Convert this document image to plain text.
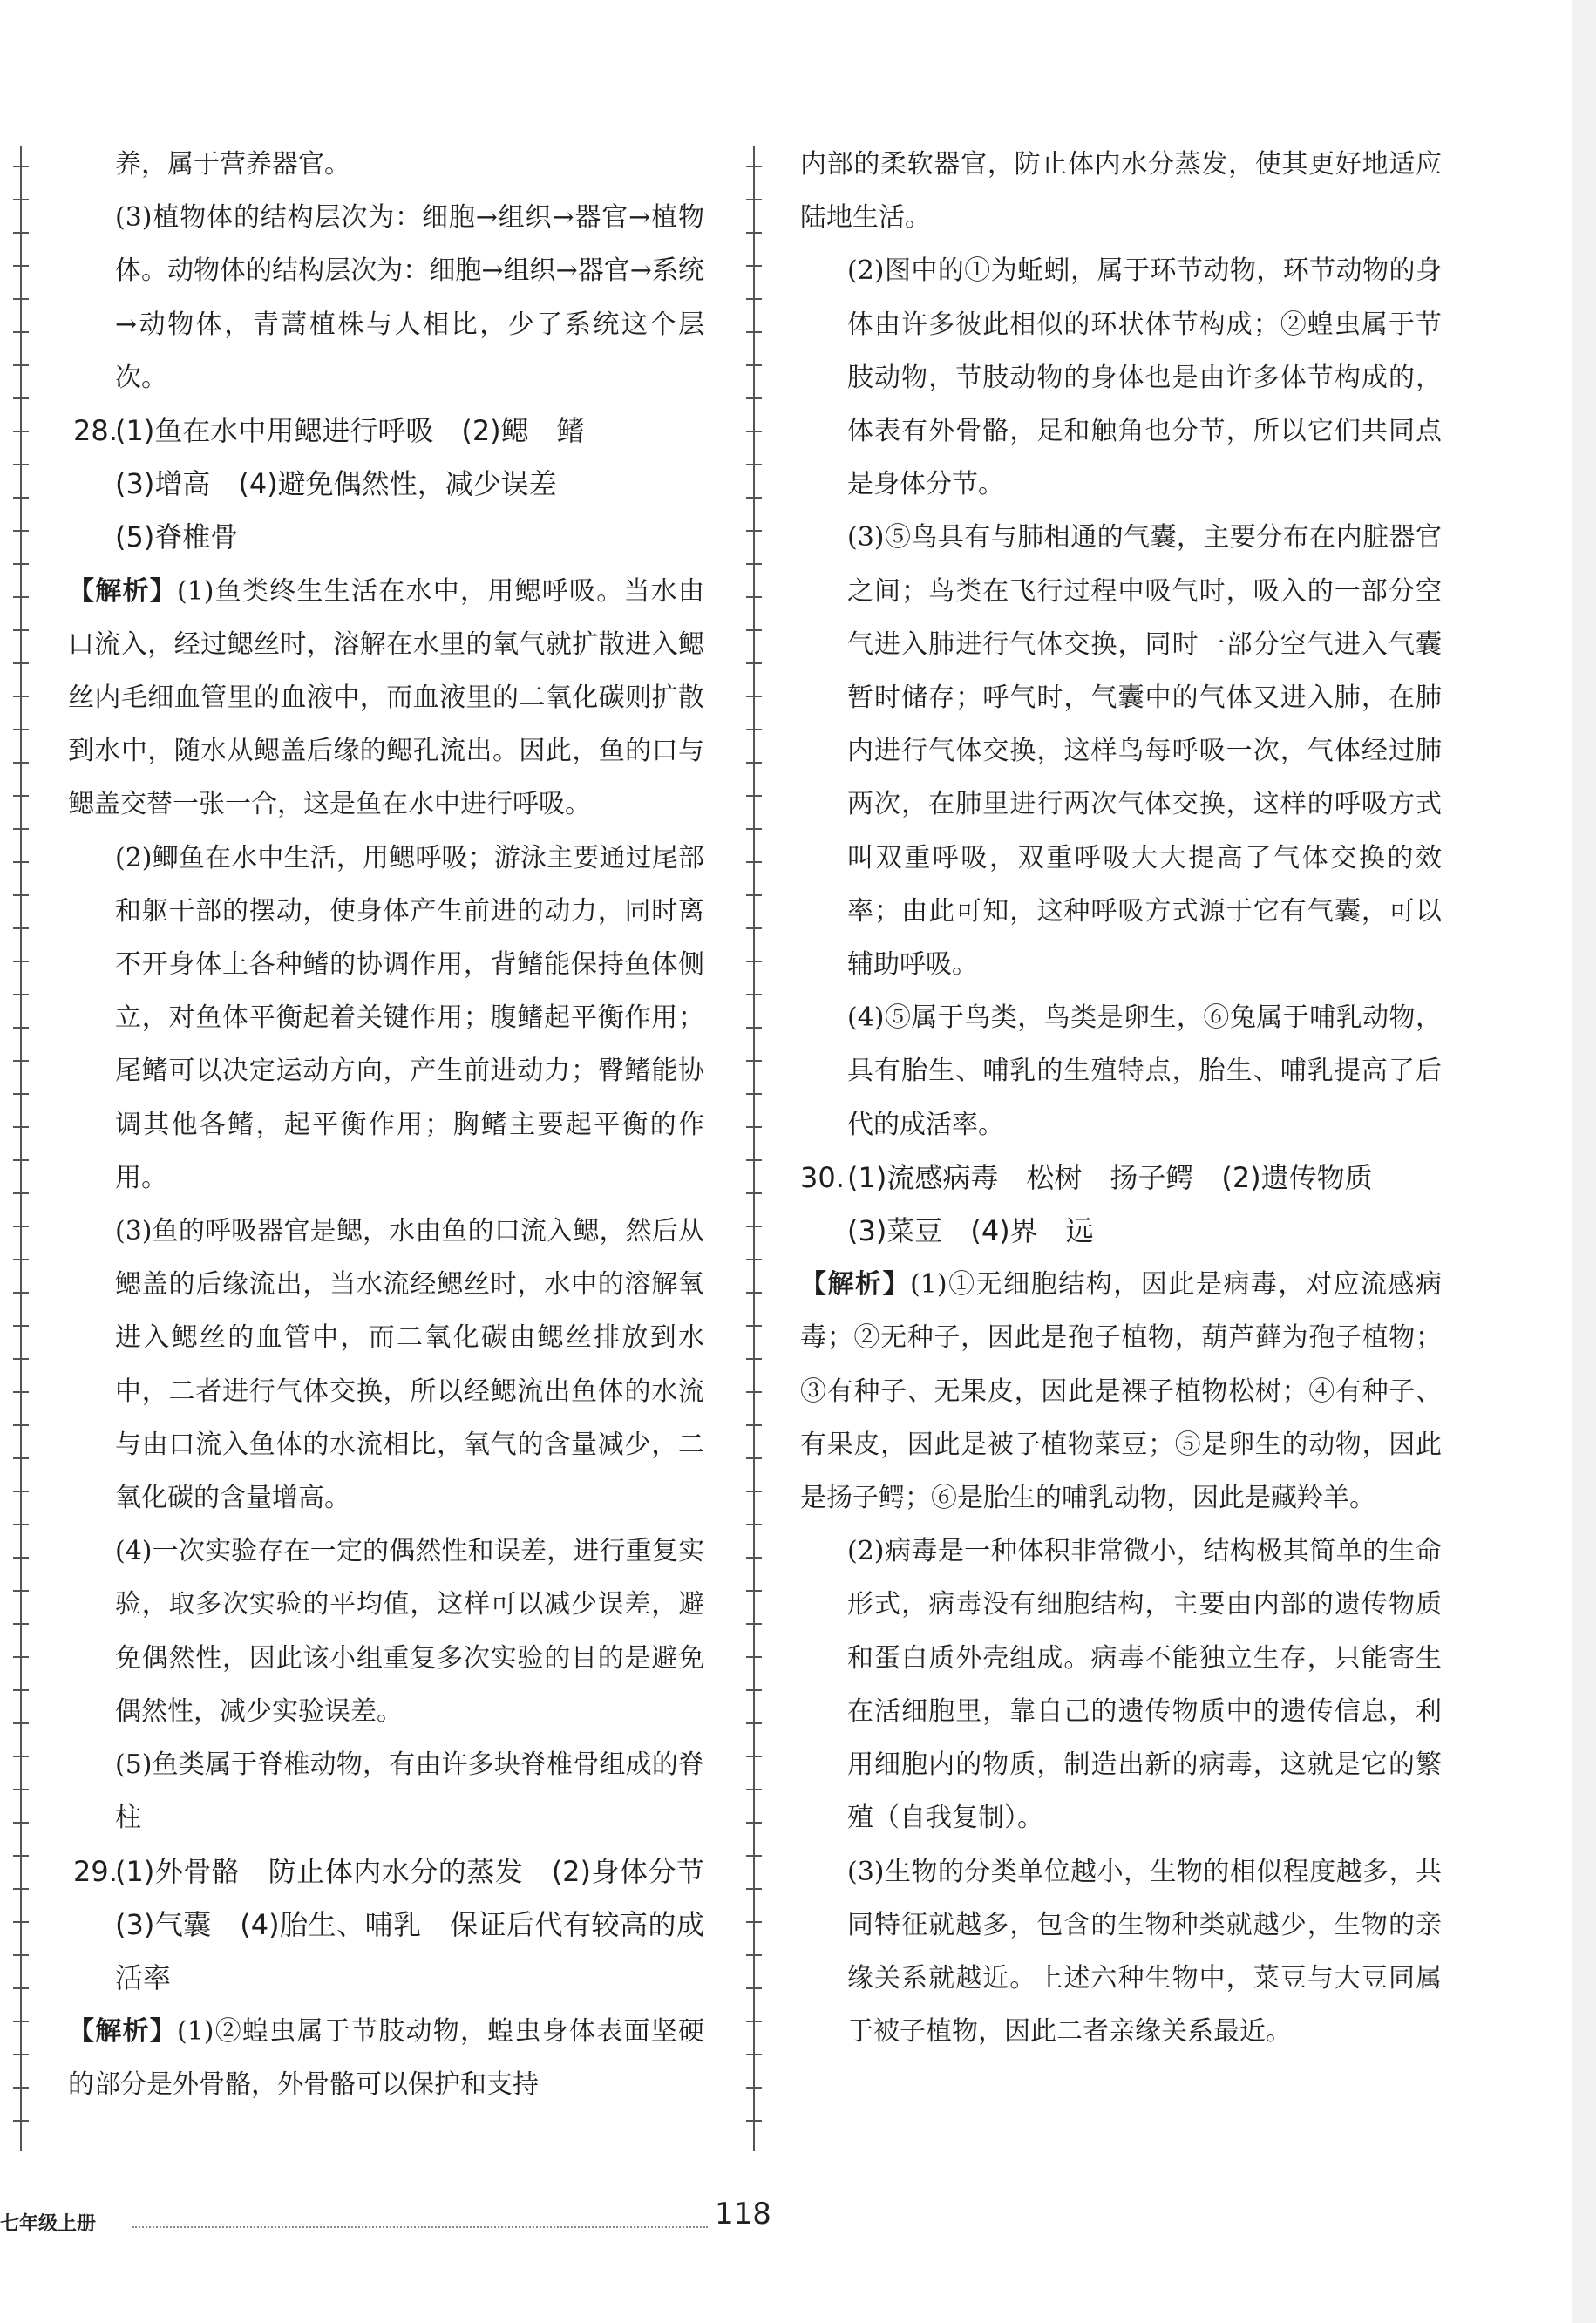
养，属于营养器官。

(3)植物体的结构层次为：细胞→组织→器官→植物体。动物体的结构层次为：细胞→组织→器官→系统→动物体，青蒿植株与人相比，少了系统这个层次。

28.(1)鱼在水中用鳃进行呼吸　(2)鳃　鳍

(3)增高　(4)避免偶然性，减少误差

(5)脊椎骨

【解析】(1)鱼类终生生活在水中，用鳃呼吸。当水由口流入，经过鳃丝时，溶解在水里的氧气就扩散进入鳃丝内毛细血管里的血液中，而血液里的二氧化碳则扩散到水中，随水从鳃盖后缘的鳃孔流出。因此，鱼的口与鳃盖交替一张一合，这是鱼在水中进行呼吸。

(2)鲫鱼在水中生活，用鳃呼吸；游泳主要通过尾部和躯干部的摆动，使身体产生前进的动力，同时离不开身体上各种鳍的协调作用，背鳍能保持鱼体侧立，对鱼体平衡起着关键作用；腹鳍起平衡作用；尾鳍可以决定运动方向，产生前进动力；臀鳍能协调其他各鳍，起平衡作用；胸鳍主要起平衡的作用。

(3)鱼的呼吸器官是鳃，水由鱼的口流入鳃，然后从鳃盖的后缘流出，当水流经鳃丝时，水中的溶解氧进入鳃丝的血管中，而二氧化碳由鳃丝排放到水中，二者进行气体交换，所以经鳃流出鱼体的水流与由口流入鱼体的水流相比，氧气的含量减少，二氧化碳的含量增高。

(4)一次实验存在一定的偶然性和误差，进行重复实验，取多次实验的平均值，这样可以减少误差，避免偶然性，因此该小组重复多次实验的目的是避免偶然性，减少实验误差。

(5)鱼类属于脊椎动物，有由许多块脊椎骨组成的脊柱

29.(1)外骨骼　防止体内水分的蒸发　(2)身体分节　(3)气囊　(4)胎生、哺乳　保证后代有较高的成活率

【解析】(1)②蝗虫属于节肢动物，蝗虫身体表面坚硬的部分是外骨骼，外骨骼可以保护和支持

内部的柔软器官，防止体内水分蒸发，使其更好地适应陆地生活。

(2)图中的①为蚯蚓，属于环节动物，环节动物的身体由许多彼此相似的环状体节构成；②蝗虫属于节肢动物，节肢动物的身体也是由许多体节构成的，体表有外骨骼，足和触角也分节，所以它们共同点是身体分节。

(3)⑤鸟具有与肺相通的气囊，主要分布在内脏器官之间；鸟类在飞行过程中吸气时，吸入的一部分空气进入肺进行气体交换，同时一部分空气进入气囊暂时储存；呼气时，气囊中的气体又进入肺，在肺内进行气体交换，这样鸟每呼吸一次，气体经过肺两次，在肺里进行两次气体交换，这样的呼吸方式叫双重呼吸，双重呼吸大大提高了气体交换的效率；由此可知，这种呼吸方式源于它有气囊，可以辅助呼吸。

(4)⑤属于鸟类，鸟类是卵生，⑥兔属于哺乳动物，具有胎生、哺乳的生殖特点，胎生、哺乳提高了后代的成活率。

30.(1)流感病毒　松树　扬子鳄　(2)遗传物质

(3)菜豆　(4)界　远

【解析】(1)①无细胞结构，因此是病毒，对应流感病毒；②无种子，因此是孢子植物，葫芦藓为孢子植物；③有种子、无果皮，因此是裸子植物松树；④有种子、有果皮，因此是被子植物菜豆；⑤是卵生的动物，因此是扬子鳄；⑥是胎生的哺乳动物，因此是藏羚羊。

(2)病毒是一种体积非常微小，结构极其简单的生命形式，病毒没有细胞结构，主要由内部的遗传物质和蛋白质外壳组成。病毒不能独立生存，只能寄生在活细胞里，靠自己的遗传物质中的遗传信息，利用细胞内的物质，制造出新的病毒，这就是它的繁殖（自我复制）。

(3)生物的分类单位越小，生物的相似程度越多，共同特征就越多，包含的生物种类就越少，生物的亲缘关系就越近。上述六种生物中，菜豆与大豆同属于被子植物，因此二者亲缘关系最近。

七年级上册	118
